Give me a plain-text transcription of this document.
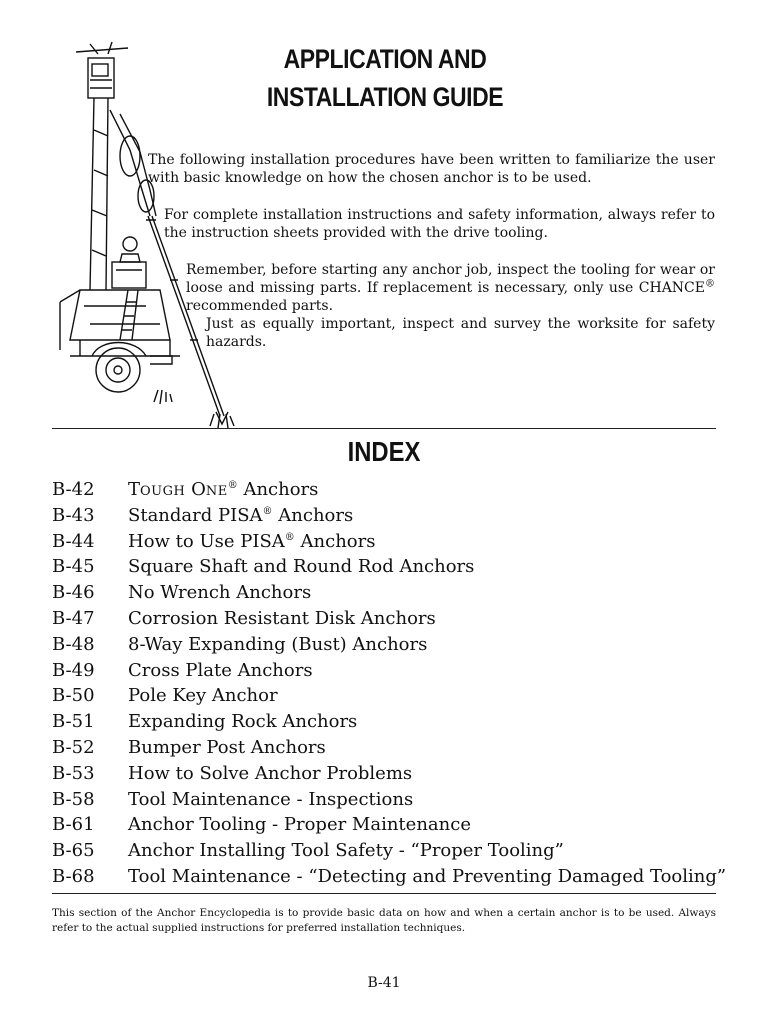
APPLICATION AND
INSTALLATION GUIDE

The following installation procedures have been written to familiarize the user with basic knowledge on how the chosen anchor is to be used.

For complete installation instructions and safety information, always refer to the instruction sheets provided with the drive tooling.

Remember, before starting any anchor job, inspect the tooling for wear or loose and missing parts. If replacement is necessary, only use CHANCE® recommended parts.

Just as equally important, inspect and survey the worksite for safety hazards.

INDEX
B-42 TOUGH ONE® Anchors
B-43 Standard PISA® Anchors
B-44 How to Use PISA® Anchors
B-45 Square Shaft and Round Rod Anchors
B-46 No Wrench Anchors
B-47 Corrosion Resistant Disk Anchors
B-48 8-Way Expanding (Bust) Anchors
B-49 Cross Plate Anchors
B-50 Pole Key Anchor
B-51 Expanding Rock Anchors
B-52 Bumper Post Anchors
B-53 How to Solve Anchor Problems
B-58 Tool Maintenance - Inspections
B-61 Anchor Tooling - Proper Maintenance
B-65 Anchor Installing Tool Safety - “Proper Tooling”
B-68 Tool Maintenance - “Detecting and Preventing Damaged Tooling”
This section of the Anchor Encyclopedia is to provide basic data on how and when a certain anchor is to be used. Always refer to the actual supplied instructions for preferred installation techniques.
B-41
